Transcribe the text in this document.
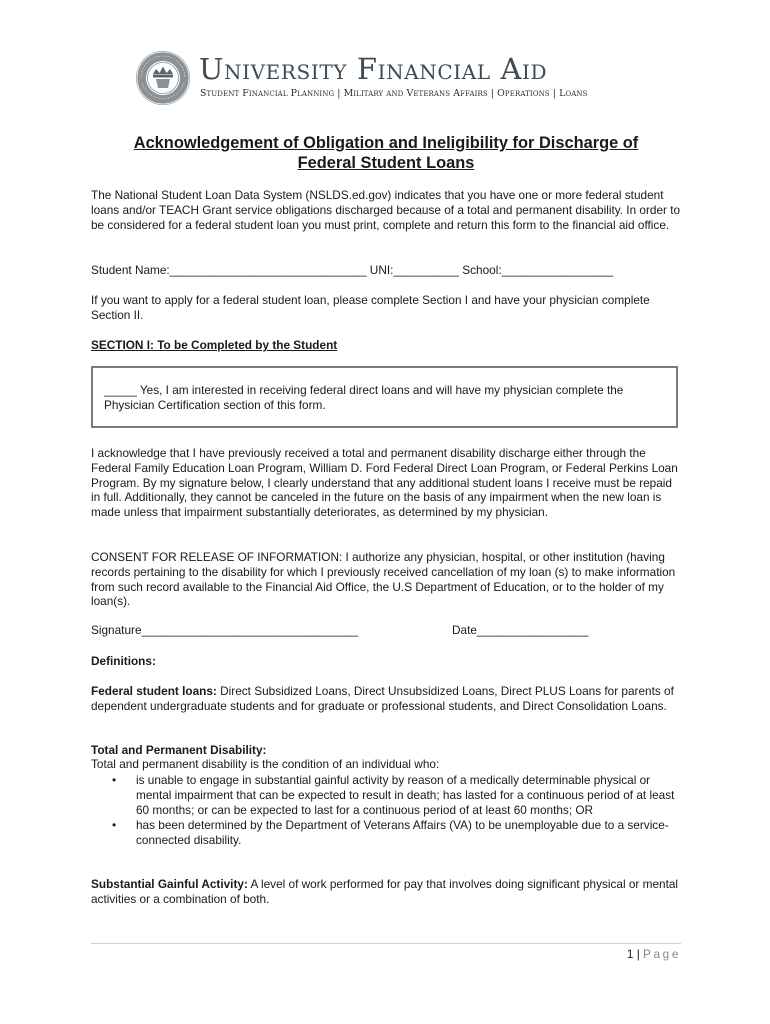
University Financial Aid
Student Financial Planning | Military and Veterans Affairs | Operations | Loans
Acknowledgement of Obligation and Ineligibility for Discharge of
Federal Student Loans

The National Student Loan Data System (NSLDS.ed.gov) indicates that you have one or more federal student loans and/or TEACH Grant service obligations discharged because of a total and permanent disability. In order to be considered for a federal student loan you must print, complete and return this form to the financial aid office.

Student Name:______________________________ UNI:__________ School:_________________

If you want to apply for a federal student loan, please complete Section I and have your physician complete Section II.

SECTION I: To be Completed by the Student

_____ Yes, I am interested in receiving federal direct loans and will have my physician complete the Physician Certification section of this form.

I acknowledge that I have previously received a total and permanent disability discharge either through the Federal Family Education Loan Program, William D. Ford Federal Direct Loan Program, or Federal Perkins Loan Program. By my signature below, I clearly understand that any additional student loans I receive must be repaid in full. Additionally, they cannot be canceled in the future on the basis of any impairment when the new loan is made unless that impairment substantially deteriorates, as determined by my physician.

CONSENT FOR RELEASE OF INFORMATION: I authorize any physician, hospital, or other institution (having records pertaining to the disability for which I previously received cancellation of my loan (s) to make information from such record available to the Financial Aid Office, the U.S Department of Education, or to the holder of my loan(s).

Signature_________________________________	Date_________________

Definitions:

Federal student loans: Direct Subsidized Loans, Direct Unsubsidized Loans, Direct PLUS Loans for parents of dependent undergraduate students and for graduate or professional students, and Direct Consolidation Loans.

Total and Permanent Disability:

Total and permanent disability is the condition of an individual who:

• is unable to engage in substantial gainful activity by reason of a medically determinable physical or mental impairment that can be expected to result in death; has lasted for a continuous period of at least 60 months; or can be expected to last for a continuous period of at least 60 months; OR
• has been determined by the Department of Veterans Affairs (VA) to be unemployable due to a service-connected disability.

Substantial Gainful Activity: A level of work performed for pay that involves doing significant physical or mental activities or a combination of both.

1 | Page
